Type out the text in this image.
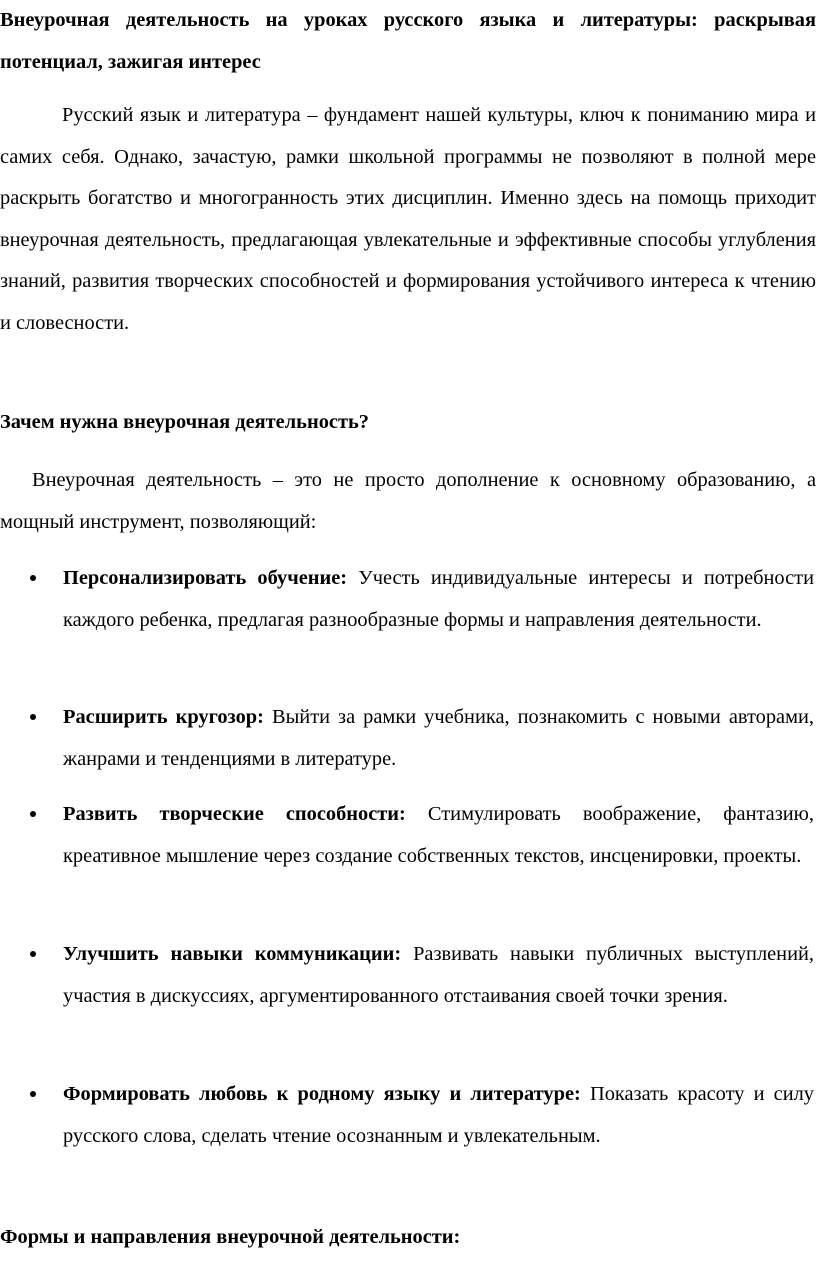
Внеурочная деятельность на уроках русского языка и литературы: раскрывая потенциал, зажигая интерес

Русский язык и литература – фундамент нашей культуры, ключ к пониманию мира и самих себя. Однако, зачастую, рамки школьной программы не позволяют в полной мере раскрыть богатство и многогранность этих дисциплин. Именно здесь на помощь приходит внеурочная деятельность, предлагающая увлекательные и эффективные способы углубления знаний, развития творческих способностей и формирования устойчивого интереса к чтению и словесности.

Зачем нужна внеурочная деятельность?

Внеурочная деятельность – это не просто дополнение к основному образованию, а мощный инструмент, позволяющий:

Персонализировать обучение: Учесть индивидуальные интересы и потребности каждого ребенка, предлагая разнообразные формы и направления деятельности.
Расширить кругозор: Выйти за рамки учебника, познакомить с новыми авторами, жанрами и тенденциями в литературе.
Развить творческие способности: Стимулировать воображение, фантазию, креативное мышление через создание собственных текстов, инсценировки, проекты.
Улучшить навыки коммуникации: Развивать навыки публичных выступлений, участия в дискуссиях, аргументированного отстаивания своей точки зрения.
Формировать любовь к родному языку и литературе: Показать красоту и силу русского слова, сделать чтение осознанным и увлекательным.
Формы и направления внеурочной деятельности:
